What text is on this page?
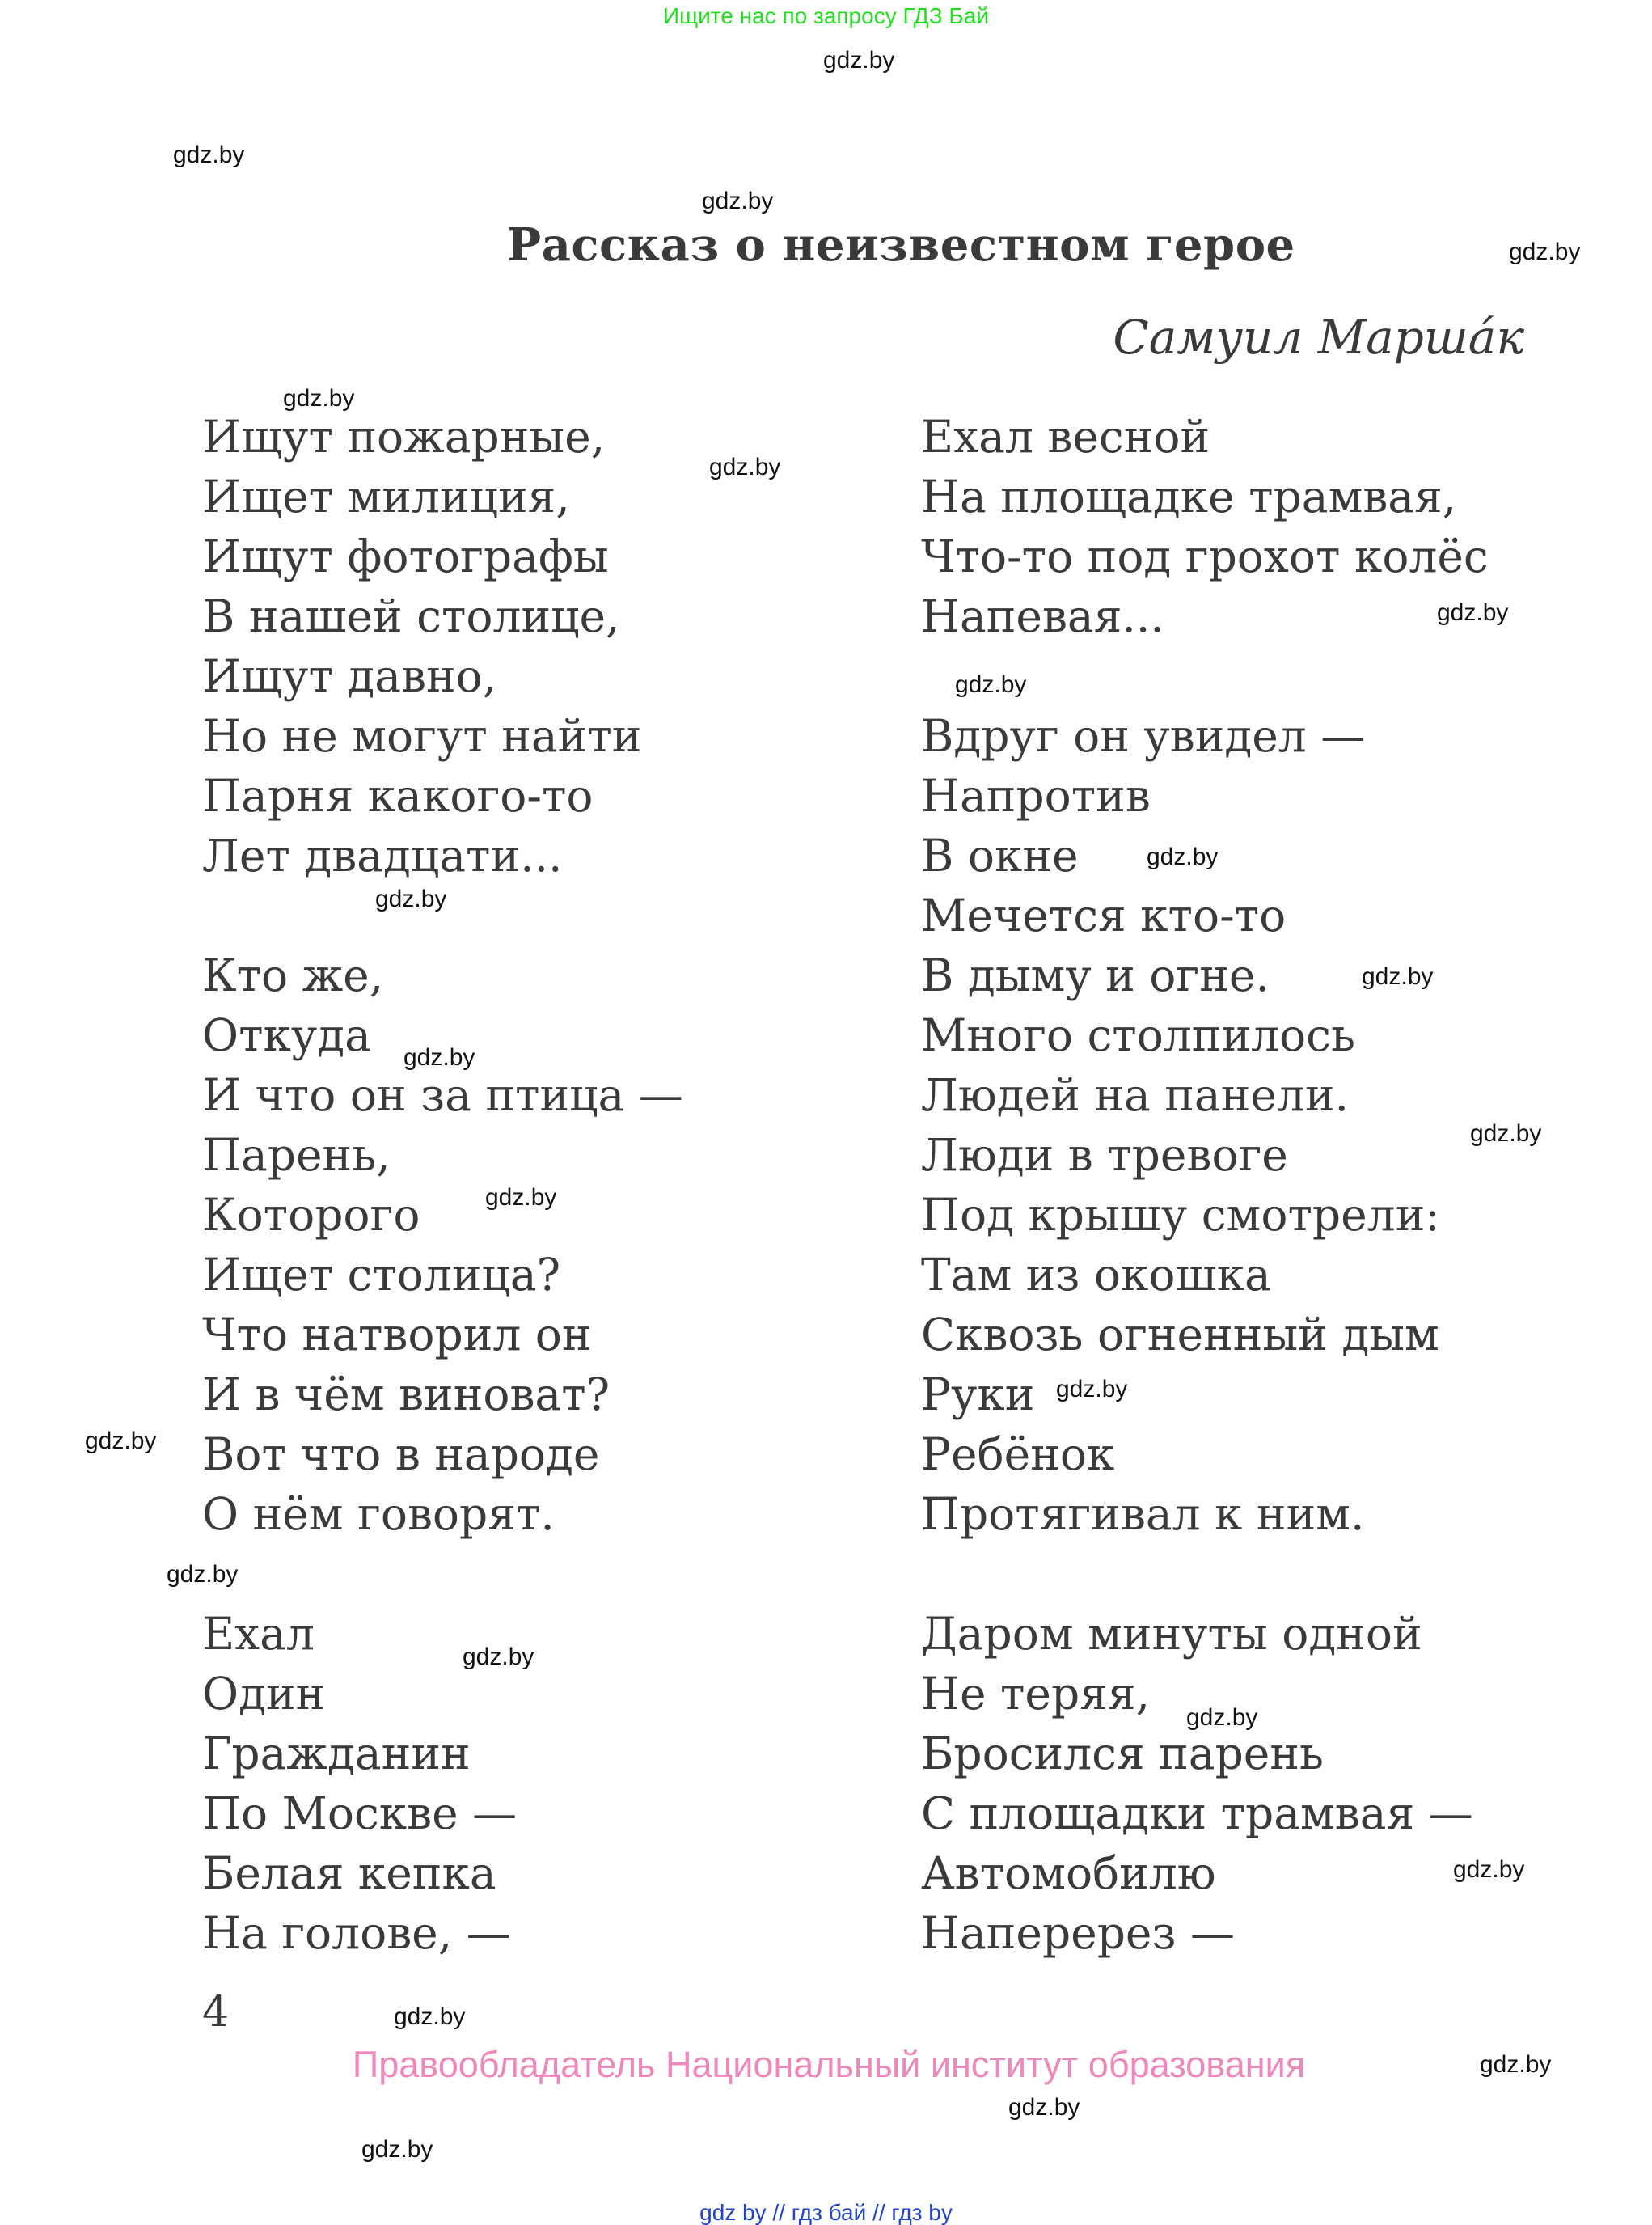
Ищите нас по запросу ГДЗ Бай
gdz.by
gdz.by
gdz.by
gdz.by
gdz.by
gdz.by
gdz.by
gdz.by
gdz.by
gdz.by
gdz.by
gdz.by
gdz.by
gdz.by
gdz.by
gdz.by
gdz.by
gdz.by
gdz.by
gdz.by
gdz.by
gdz.by
gdz.by
gdz.by
Рассказ о неизвестном герое
Самуил Марша́к
Ищут пожарные,
Ищет милиция,
Ищут фотографы
В нашей столице,
Ищут давно,
Но не могут найти
Парня какого-то
Лет двадцати...
Кто же,
Откуда
И что он за птица —
Парень,
Которого
Ищет столица?
Что натворил он
И в чём виноват?
Вот что в народе
О нём говорят.
Ехал
Один
Гражданин
По Москве —
Белая кепка
На голове, —
Ехал весной
На площадке трамвая,
Что-то под грохот колёс
Напевая...
Вдруг он увидел —
Напротив
В окне
Мечется кто-то
В дыму и огне.
Много столпилось
Людей на панели.
Люди в тревоге
Под крышу смотрели:
Там из окошка
Сквозь огненный дым
Руки
Ребёнок
Протягивал к ним.
Даром минуты одной
Не теряя,
Бросился парень
С площадки трамвая —
Автомобилю
Наперерез —
4
Правообладатель Национальный институт образования
gdz by // гдз бай // гдз by
